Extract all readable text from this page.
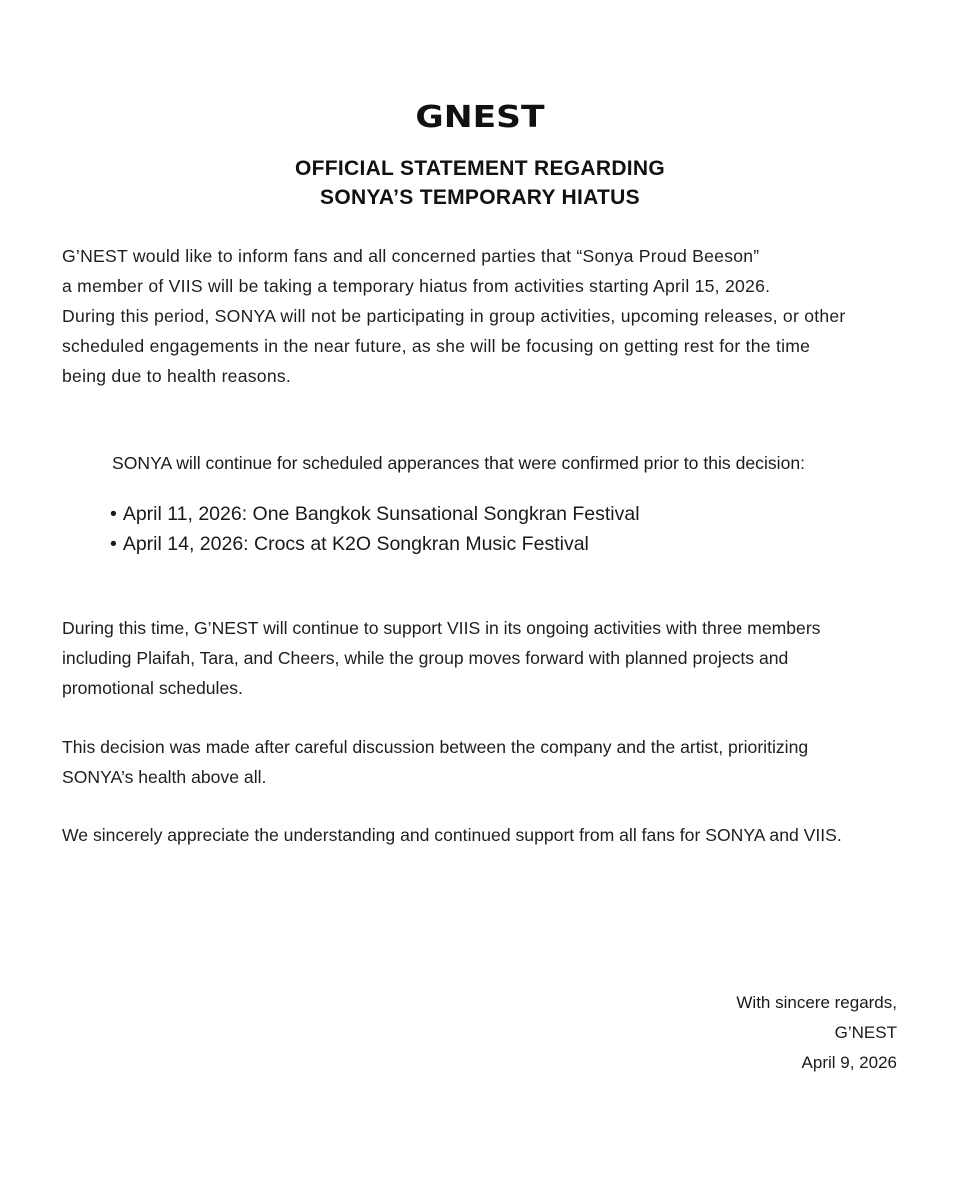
GNEST
OFFICIAL STATEMENT REGARDING
SONYA’S TEMPORARY HIATUS
G’NEST would like to inform fans and all concerned parties that “Sonya Proud Beeson”
a member of VIIS will be taking a temporary hiatus from activities starting April 15, 2026.
During this period, SONYA will not be participating in group activities, upcoming releases, or other
scheduled engagements in the near future, as she will be focusing on getting rest for the time
being due to health reasons.
SONYA will continue for scheduled apperances that were confirmed prior to this decision:
• April 11, 2026: One Bangkok Sunsational Songkran Festival
• April 14, 2026: Crocs at K2O Songkran Music Festival
During this time, G’NEST will continue to support VIIS in its ongoing activities with three members
including Plaifah, Tara, and Cheers, while the group moves forward with planned projects and
promotional schedules.
This decision was made after careful discussion between the company and the artist, prioritizing
SONYA’s health above all.
We sincerely appreciate the understanding and continued support from all fans for SONYA and VIIS.
With sincere regards,
G’NEST
April 9, 2026
